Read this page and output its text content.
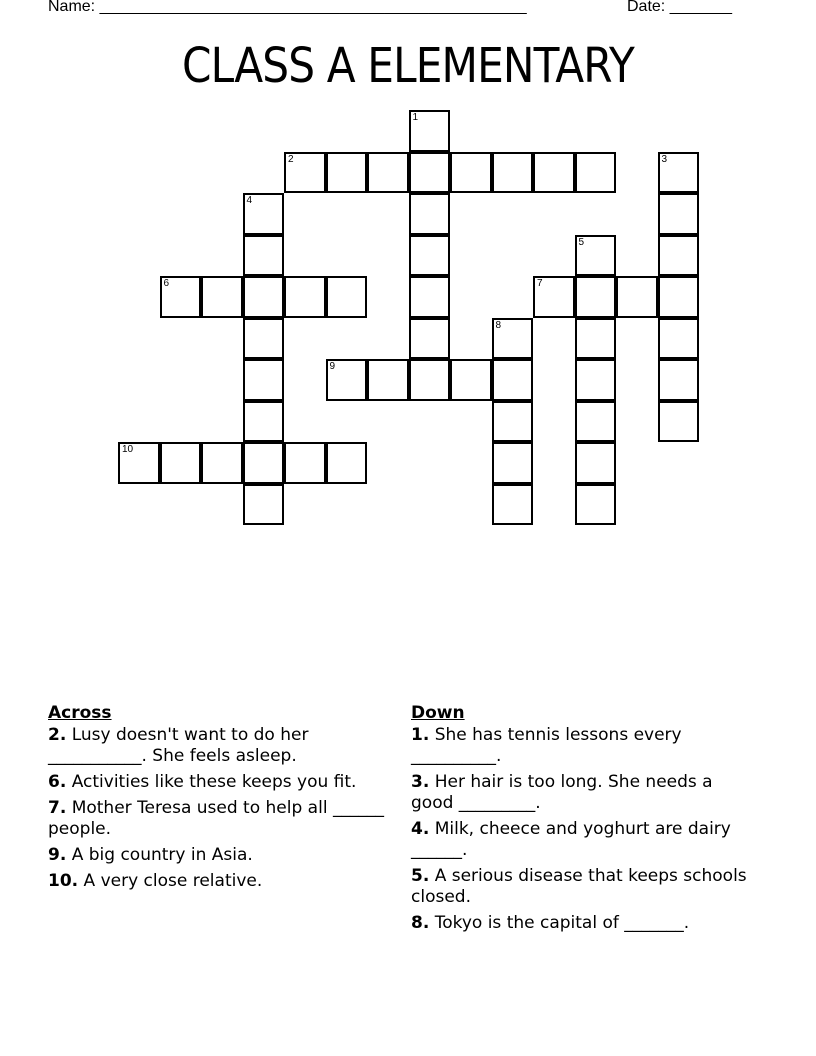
Name: ________________________________________________	Date: _______
CLASS A ELEMENTARY
1
2	3
4
5
6	7
8
9
10
Across
2. Lusy doesn't want to do her ___________. She feels asleep.
6. Activities like these keeps you fit.
7. Mother Teresa used to help all ______ people.
9. A big country in Asia.
10. A very close relative.
Down
1. She has tennis lessons every __________.
3. Her hair is too long. She needs a good _________.
4. Milk, cheece and yoghurt are dairy ______.
5. A serious disease that keeps schools closed.
8. Tokyo is the capital of _______.
